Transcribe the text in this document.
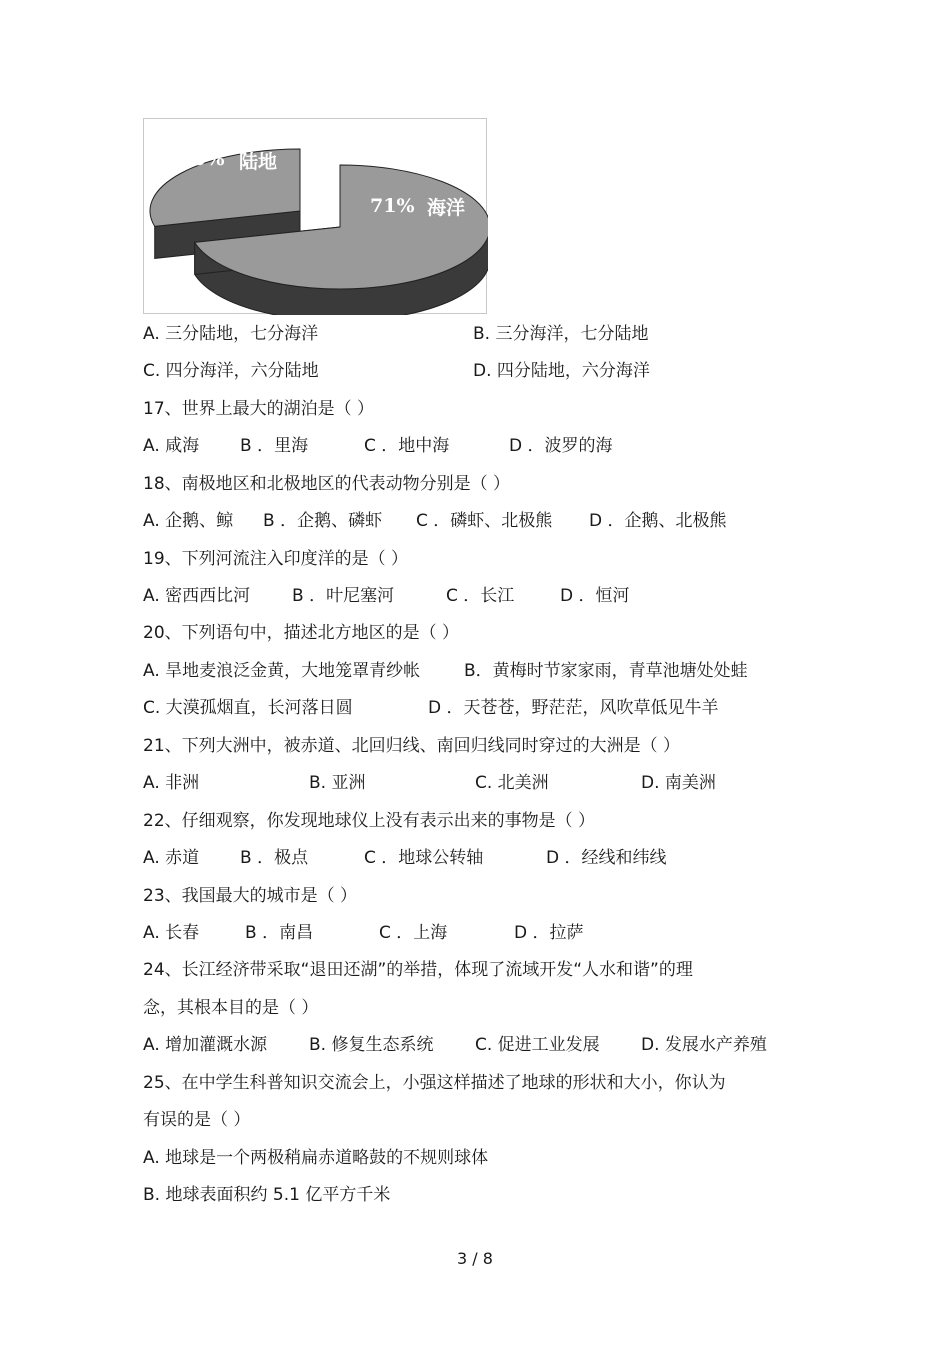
29% 陆地
71% 海洋
A. 三分陆地，七分海洋	B. 三分海洋，七分陆地
C. 四分海洋，六分陆地	D. 四分陆地，六分海洋
17、世界上最大的湖泊是（ ）
A. 咸海 B ．里海	C ．地中海	D ．波罗的海
18、南极地区和北极地区的代表动物分别是（ ）
A. 企鹅、鲸 B ．企鹅、磷虾 C ．磷虾、北极熊 D ．企鹅、北极熊
19、下列河流注入印度洋的是（ ）
A. 密西西比河 B ．叶尼塞河	C ．长江	D ．恒河
20、下列语句中，描述北方地区的是（ ）
A. 旱地麦浪泛金黄，大地笼罩青纱帐	B．黄梅时节家家雨，青草池塘处处蛙
C. 大漠孤烟直，长河落日圆	D ．天苍苍，野茫茫，风吹草低见牛羊
21、下列大洲中，被赤道、北回归线、南回归线同时穿过的大洲是（ ）
A. 非洲	B. 亚洲	C. 北美洲	D. 南美洲
22、仔细观察，你发现地球仪上没有表示出来的事物是（ ）
A. 赤道 B ．极点	C ．地球公转轴	D ．经线和纬线
23、我国最大的城市是（ ）
A. 长春	B ．南昌	C ．上海	D ．拉萨
24、长江经济带采取“退田还湖”的举措，体现了流域开发“人水和谐”的理
念，其根本目的是（ ）
A. 增加灌溉水源 B. 修复生态系统 C. 促进工业发展 D. 发展水产养殖
25、在中学生科普知识交流会上，小强这样描述了地球的形状和大小，你认为
有误的是（ ）
A. 地球是一个两极稍扁赤道略鼓的不规则球体
B. 地球表面积约 5.1 亿平方千米
3 / 8
